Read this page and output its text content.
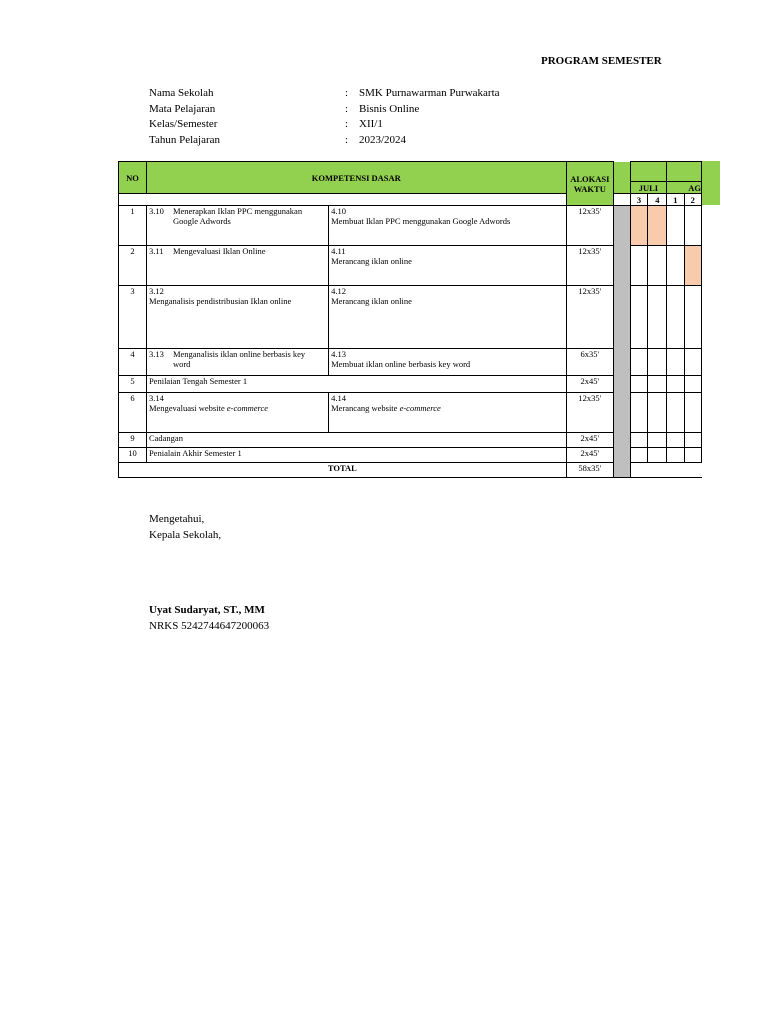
PROGRAM SEMESTER
Nama Sekolah	: SMK Purnawarman Purwakarta
Mata Pelajaran	: Bisnis Online
Kelas/Semester	: XII/1
Tahun Pelajaran	: 2023/2024
NO	KOMPETENSI DASAR		ALOKASI
WAKTU					
					JULI		AG	
					3	4	1	2
1	3.10 Menerapkan Iklan PPC menggunakan Google Adwords	4.10Membuat Iklan PPC menggunakan Google Adwords	12x35'	

2	3.11 Mengevaluasi Iklan Online	4.11Merancang iklan online	12x35'					
3	3.12Menganalisis pendistribusian Iklan online	4.12Merancang iklan online	12x35'					
4	3.13 Menganalisis iklan online berbasis key word	4.13Membuat iklan online berbasis key word	6x35'					
5	Penilaian Tengah Semester 1		2x45'					
6	3.14Mengevaluasi website e-commerce	4.14Merancang website e-commerce	12x35'					
9	Cadangan		2x45'					
10	Penialain Akhir Semester 1		2x45'					
TOTAL			58x35'					
Mengetahui,
Kepala Sekolah,
Uyat Sudaryat, ST., MM
NRKS 5242744647200063
